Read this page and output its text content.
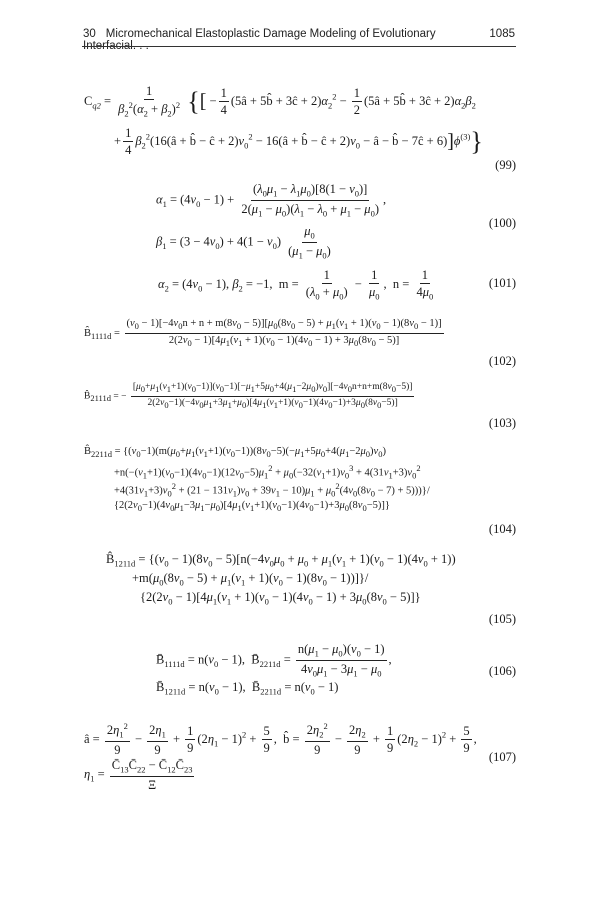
30 Micromechanical Elastoplastic Damage Modeling of Evolutionary Interfacial. . .
1085
$C_{q2} = \frac{1}{\beta_2^2(\alpha_2 + \beta_2)^2}$ {[ − $\frac{1}{4}$ (5â + 5b̂ + 3ĉ + $2)\alpha_2^2 - \frac{1}{2}$ (5â + 5b̂ + 3ĉ + $2)\alpha_2\beta_2$
+ $\frac{1}{4}$ $\beta_2^2(16(â$ + b̂ − ĉ + $2)\nu_0^2$ − 16(â + b̂ − ĉ + $2)\nu_0$ − â − b̂ − 7ĉ + $6)]\phi^{(3)}$}
(99)
$\alpha_1 = (4\nu_0 - 1) + \frac{(\lambda_0\mu_1 - \lambda_1\mu_0)[8(1 - \nu_0)]}{2(\mu_1 - \mu_0)(\lambda_1 - \lambda_0 + \mu_1 - \mu_0)}$ ,
$\beta_1 = (3 - 4\nu_0) + 4(1 - \nu_0) \frac{\mu_0}{(\mu_1 - \mu_0)}$
(100)
$\alpha_2 = (4\nu_0 - 1)$, $\beta_2 = -1$,  $m = \frac{1}{(\lambda_0 + \mu_0)} - \frac{1}{\mu_0}$ ,  $n = \frac{1}{4\mu_0}$	(101)
$B̂_{1111d}$ =
$(\nu_0 - 1)[-4\nu_0n + n + m(8\nu_0 - 5)][\mu_0(8\nu_0 - 5) + \mu_1(\nu_1 + 1)(\nu_0 - 1)(8\nu_0 - 1)]$
$2(2\nu_0 - 1)[4\mu_1(\nu_1 + 1)(\nu_0 - 1)(4\nu_0 - 1) + 3\mu_0(8\nu_0 - 5)]$
(102)
$B̂_{2111d}$ = −
$[\mu_0+\mu_1(\nu_1+1)(\nu_0-1)](\nu_0-1)[-\mu_1+5\mu_0+4(\mu_1-2\mu_0)\nu_0][-4\nu_0n+n+m(8\nu_0-5)]$
$2(2\nu_0-1)(-4\nu_0\mu_1+3\mu_1+\mu_0)[4\mu_1(\nu_1+1)(\nu_0-1)(4\nu_0-1)+3\mu_0(8\nu_0-5)]$
(103)
$B̂_{2211d} = \{(\nu_0-1)(m(\mu_0+\mu_1(\nu_1+1)(\nu_0-1))(8\nu_0-5)(-\mu_1+5\mu_0+4(\mu_1-2\mu_0)\nu_0)$
$+n(-(\nu_1+1)(\nu_0-1)(4\nu_0-1)(12\nu_0-5)\mu_1^2 + \mu_0(-32(\nu_1+1)\nu_0^3 + 4(31\nu_1+3)\nu_0^2$
$+4(31\nu_1+3)\nu_0^2 + (21 - 131\nu_1)\nu_0 + 39\nu_1 - 10)\mu_1 + \mu_0^2(4\nu_0(8\nu_0 - 7) + 5)))\}/$
$\{2(2\nu_0-1)(4\nu_0\mu_1-3\mu_1-\mu_0)[4\mu_1(\nu_1+1)(\nu_0-1)(4\nu_0-1)+3\mu_0(8\nu_0-5)]\}$
(104)
$B̂_{1211d} = \{(\nu_0 - 1)(8\nu_0 - 5)[n(-4\nu_0\mu_0 + \mu_0 + \mu_1(\nu_1 + 1)(\nu_0 - 1)(4\nu_0 + 1))$
$+m(\mu_0(8\nu_0 - 5) + \mu_1(\nu_1 + 1)(\nu_0 - 1)(8\nu_0 - 1))]\}/$
$\{2(2\nu_0 - 1)[4\mu_1(\nu_1 + 1)(\nu_0 - 1)(4\nu_0 - 1) + 3\mu_0(8\nu_0 - 5)]\}$
(105)
$B̄_{1111d} = n(\nu_0 - 1)$,  $B̄_{2211d} = \frac{n(\mu_1 - \mu_0)(\nu_0 - 1)}{4\nu_0\mu_1 - 3\mu_1 - \mu_0}$ ,
$B̄_{1211d} = n(\nu_0 - 1)$,  $B̄_{2211d} = n(\nu_0 - 1)$
(106)
â = $\frac{2\eta_1^2}{9} - \frac{2\eta_1}{9} + \frac{1}{9} (2\eta_1 - 1)^2 + \frac{5}{9}$ ,  b̂ = $\frac{2\eta_2^2}{9} - \frac{2\eta_2}{9} + \frac{1}{9} (2\eta_2 - 1)^2 + \frac{5}{9}$ ,
$\eta_1 = \frac{C̄_{13}C̄_{22} - C̄_{12}C̄_{23}}{\Xi}$
(107)
